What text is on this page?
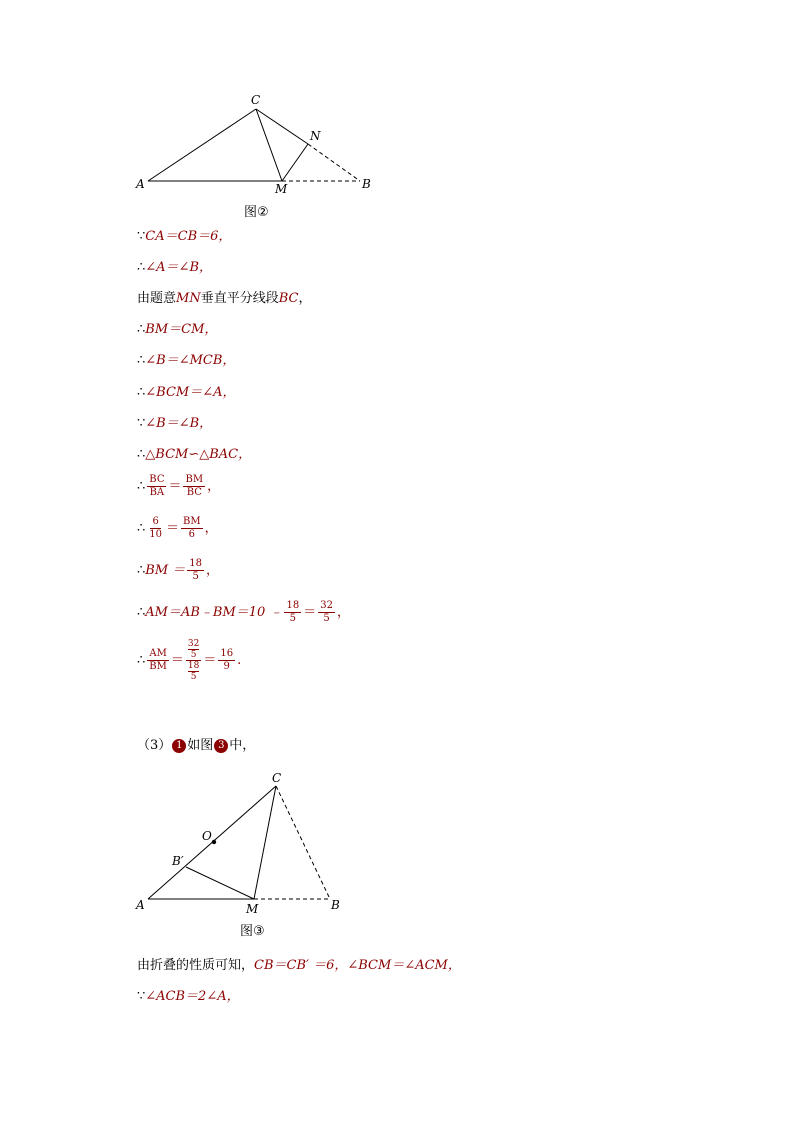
A
C
N
M	B
图②
∵ CA＝CB＝6，
∴ ∠A＝∠B，
由题意 MN 垂直平分线段 BC ，
∴ BM＝CM，
∴ ∠B＝∠MCB，
∴ ∠BCM＝∠A，
∵ ∠B＝∠B，
∴ △BCM∽△BAC，
∴ $\frac{BC}{BA} = \frac{BM}{BC}$ ，
∴ $\frac{6}{10} = \frac{BM}{6}$ ，
∴ BM ＝ $\frac{18}{5}$ ，
∴ AM＝AB﹣BM＝10 ﹣ $\frac{18}{5} = \frac{32}{5}$ ，
∴ $\frac{AM}{BM} = 32$
5
18
$5 = \frac{16}{9}$ .
（3） 1 如图 3 中，
A
C
O
B′
M	B
图③
由折叠的性质可知， CB＝CB′ ＝6，∠BCM＝∠ACM，
∵ ∠ACB＝2∠A，
